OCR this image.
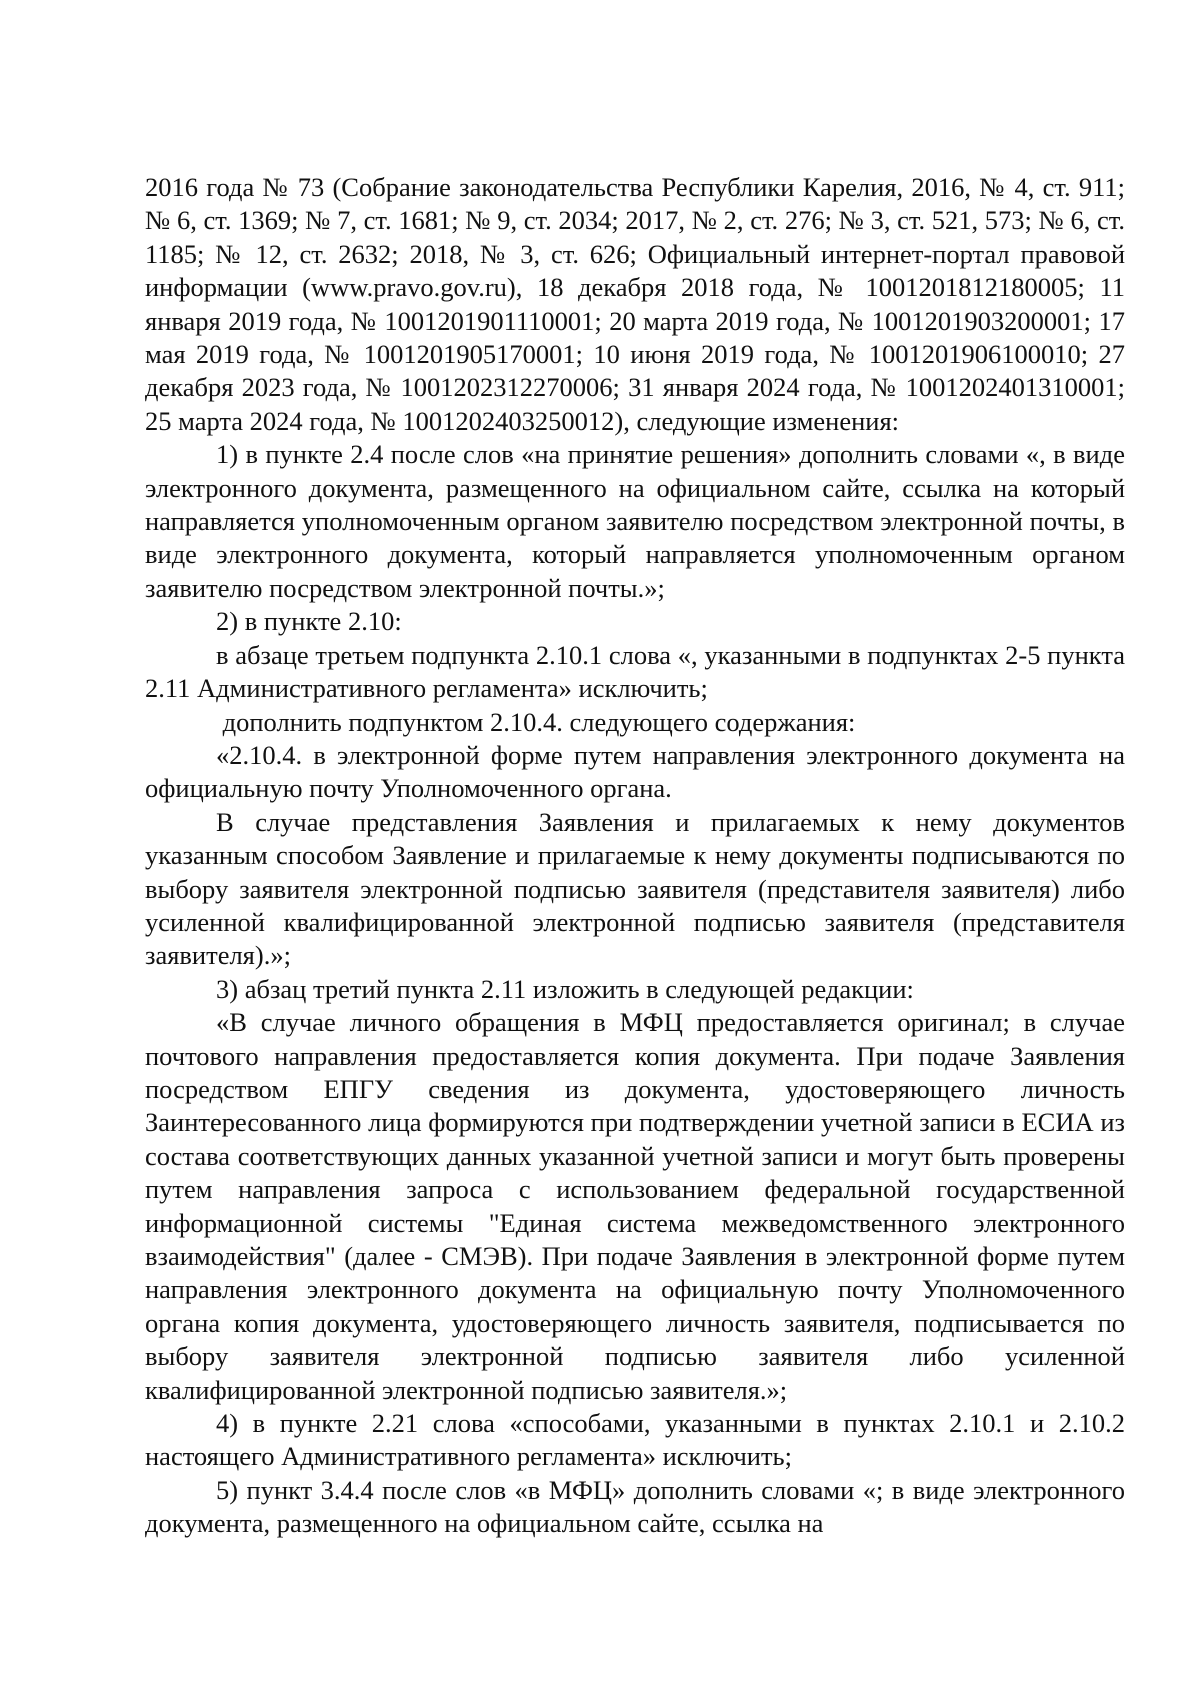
2016 года № 73 (Собрание законодательства Республики Карелия, 2016, № 4, ст. 911; № 6, ст. 1369; № 7, ст. 1681; № 9, ст. 2034; 2017, № 2, ст. 276; № 3, ст. 521, 573; № 6, ст. 1185; № 12, ст. 2632; 2018, № 3, ст. 626; Официальный интернет-портал правовой информации (www.pravo.gov.ru), 18 декабря 2018 года, № 1001201812180005; 11 января 2019 года, № 1001201901110001; 20 марта 2019 года, № 1001201903200001; 17 мая 2019 года, № 1001201905170001; 10 июня 2019 года, № 1001201906100010; 27 декабря 2023 года, № 1001202312270006; 31 января 2024 года, № 1001202401310001; 25 марта 2024 года, № 1001202403250012), следующие изменения:

1) в пункте 2.4 после слов «на принятие решения» дополнить словами «, в виде электронного документа, размещенного на официальном сайте, ссылка на который направляется уполномоченным органом заявителю посредством электронной почты, в виде электронного документа, который направляется уполномоченным органом заявителю посредством электронной почты.»;

2) в пункте 2.10:

в абзаце третьем подпункта 2.10.1 слова «, указанными в подпунктах 2-5 пункта 2.11 Административного регламента» исключить;

дополнить подпунктом 2.10.4. следующего содержания:

«2.10.4. в электронной форме путем направления электронного документа на официальную почту Уполномоченного органа.

В случае представления Заявления и прилагаемых к нему документов указанным способом Заявление и прилагаемые к нему документы подписываются по выбору заявителя электронной подписью заявителя (представителя заявителя) либо усиленной квалифицированной электронной подписью заявителя (представителя заявителя).»;

3) абзац третий пункта 2.11 изложить в следующей редакции:

«В случае личного обращения в МФЦ предоставляется оригинал; в случае почтового направления предоставляется копия документа. При подаче Заявления посредством ЕПГУ сведения из документа, удостоверяющего личность Заинтересованного лица формируются при подтверждении учетной записи в ЕСИА из состава соответствующих данных указанной учетной записи и могут быть проверены путем направления запроса с использованием федеральной государственной информационной системы "Единая система межведомственного электронного взаимодействия" (далее - СМЭВ). При подаче Заявления в электронной форме путем направления электронного документа на официальную почту Уполномоченного органа копия документа, удостоверяющего личность заявителя, подписывается по выбору заявителя электронной подписью заявителя либо усиленной квалифицированной электронной подписью заявителя.»;

4) в пункте 2.21 слова «способами, указанными в пунктах 2.10.1 и 2.10.2 настоящего Административного регламента» исключить;

5) пункт 3.4.4 после слов «в МФЦ» дополнить словами «; в виде электронного документа, размещенного на официальном сайте, ссылка на
